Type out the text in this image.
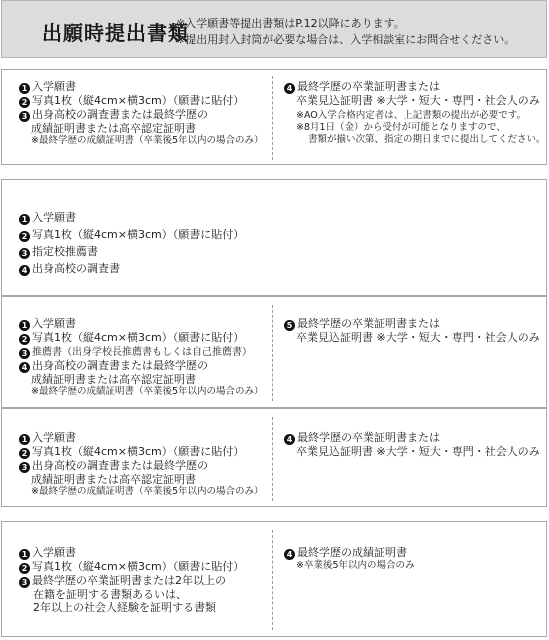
出願時提出書類
※入学願書等提出書類はP.12以降にあります。
※提出用封入封筒が必要な場合は、入学相談室にお問合せください。
1 入学願書
2 写真1枚（縦4cm×横3cm）（願書に貼付）
3 出身高校の調査書または最終学歴の
成績証明書または高卒認定証明書
※最終学歴の成績証明書（卒業後5年以内の場合のみ）
4 最終学歴の卒業証明書または
卒業見込証明書 ※大学・短大・専門・社会人のみ
※AO入学合格内定者は、上記書類の提出が必要です。
※8月1日（金）から受付が可能となりますので、
書類が揃い次第、指定の期日までに提出してください。
1 入学願書
2 写真1枚（縦4cm×横3cm）（願書に貼付）
3 指定校推薦書
4 出身高校の調査書
1 入学願書
2 写真1枚（縦4cm×横3cm）（願書に貼付）
3 推薦書（出身学校長推薦書もしくは自己推薦書）
4 出身高校の調査書または最終学歴の
成績証明書または高卒認定証明書
※最終学歴の成績証明書（卒業後5年以内の場合のみ）
5 最終学歴の卒業証明書または
卒業見込証明書 ※大学・短大・専門・社会人のみ
1 入学願書
2 写真1枚（縦4cm×横3cm）（願書に貼付）
3 出身高校の調査書または最終学歴の
成績証明書または高卒認定証明書
※最終学歴の成績証明書（卒業後5年以内の場合のみ）
4 最終学歴の卒業証明書または
卒業見込証明書 ※大学・短大・専門・社会人のみ
1 入学願書
2 写真1枚（縦4cm×横3cm）（願書に貼付）
3 最終学歴の卒業証明書または2年以上の
在籍を証明する書類あるいは、
2年以上の社会人経験を証明する書類
4 最終学歴の成績証明書
※卒業後5年以内の場合のみ
